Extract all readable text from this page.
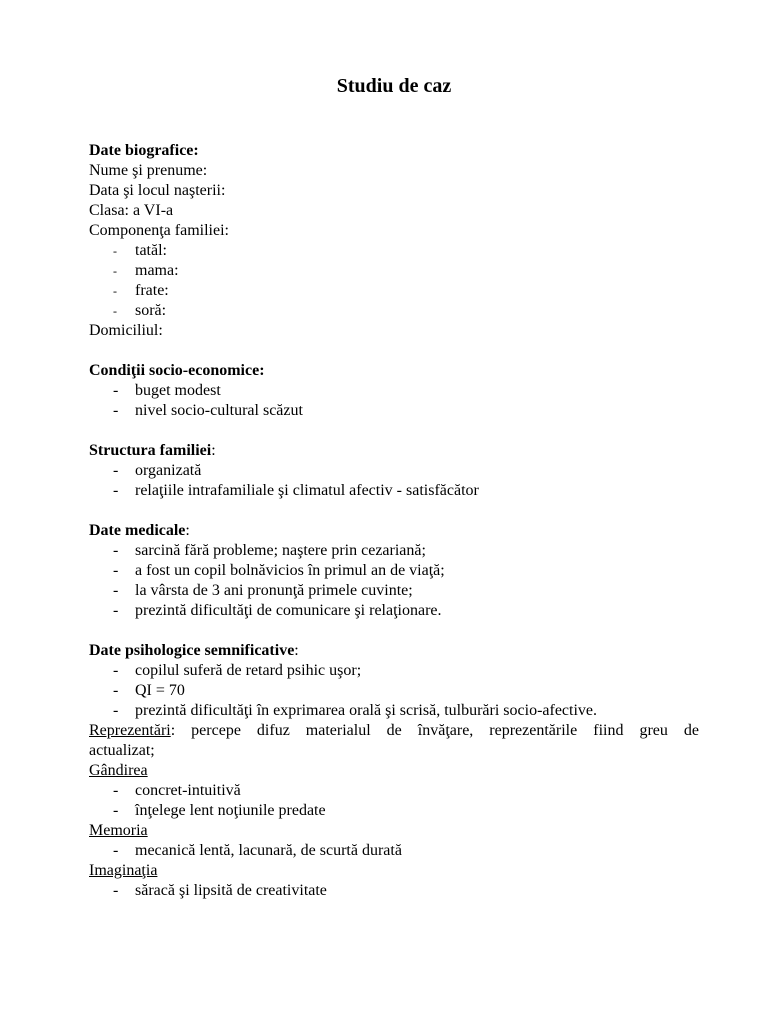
Studiu de caz
Date biografice:
Nume şi prenume:
Data şi locul naşterii:
Clasa: a VI-a
Componenţa familiei:
- tatăl:
- mama:
- frate:
- soră:
Domiciliul:
Condiţii socio-economice:
- buget modest
- nivel socio-cultural scăzut
Structura familiei:
- organizată
- relaţiile intrafamiliale şi climatul afectiv - satisfăcător
Date medicale:
- sarcină fără probleme; naştere prin cezariană;
- a fost un copil bolnăvicios în primul an de viaţă;
- la vârsta de 3 ani pronunţă primele cuvinte;
- prezintă dificultăţi de comunicare şi relaţionare.
Date psihologice semnificative:
- copilul suferă de retard psihic uşor;
- QI = 70
- prezintă dificultăţi în exprimarea orală şi scrisă, tulburări socio-afective.
Reprezentări: percepe difuz materialul de învăţare, reprezentările fiind greu de
actualizat;
Gândirea
- concret-intuitivă
- înţelege lent noţiunile predate
Memoria
- mecanică lentă, lacunară, de scurtă durată
Imaginaţia
- săracă şi lipsită de creativitate
